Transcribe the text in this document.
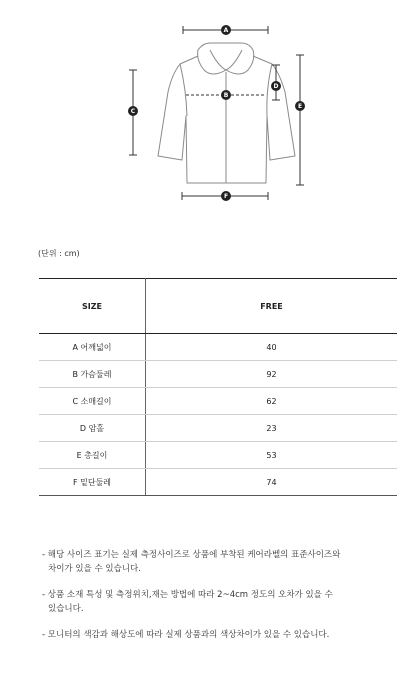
A
B
C
D
E
F
(단위 : cm)
SIZE	FREE
A 어깨넓이	40
B 가슴둘레	92
C 소매길이	62
D 암홀	23
E 총길이	53
F 밑단둘레	74

- 해당 사이즈 표기는 실제 측정사이즈로 상품에 부착된 케어라벨의 표준사이즈와
차이가 있을 수 있습니다.

- 상품 소재 특성 및 측정위치,재는 방법에 따라 2~4cm 정도의 오차가 있을 수
있습니다.

- 모니터의 색감과 해상도에 따라 실제 상품과의 색상차이가 있을 수 있습니다.
